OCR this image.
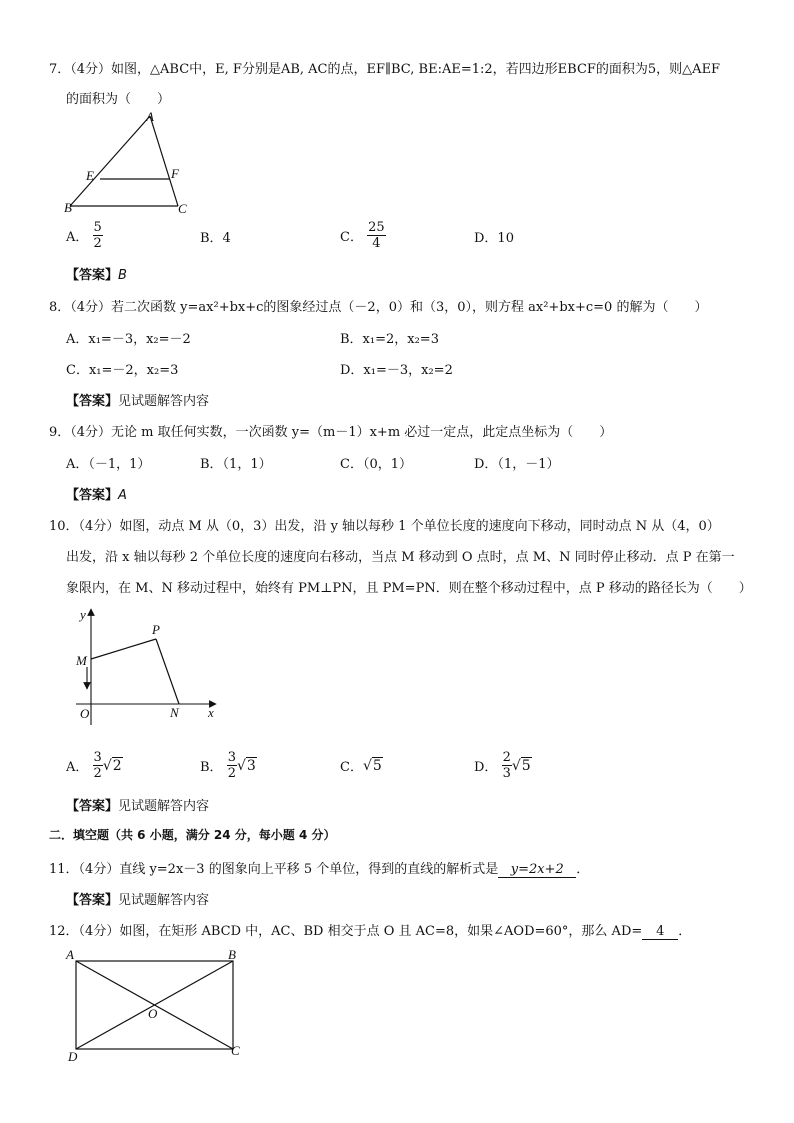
7．（4分）如图，△ABC中，E, F分别是AB, AC的点，EF∥BC, BE:AE=1:2，若四边形EBCF的面积为5，则△AEF
的面积为（　　）
A
E	F
B	C
A． $\frac{5}{2}$	B．4	C． $\frac{25}{4}$	D．10
【答案】B
8．（4分）若二次函数 y=ax²+bx+c的图象经过点（－2，0）和（3，0），则方程 ax²+bx+c=0 的解为（　　）
A．x₁=－3，x₂=－2	B．x₁=2，x₂=3
C．x₁=－2，x₂=3	D．x₁=－3，x₂=2
【答案】见试题解答内容
9．（4分）无论 m 取任何实数，一次函数 y=（m－1）x+m 必过一定点，此定点坐标为（　　）
A．（－1，1）	B．（1，1）	C．（0，1）	D．（1，－1）
【答案】A
10．（4分）如图，动点 M 从（0，3）出发，沿 y 轴以每秒 1 个单位长度的速度向下移动，同时动点 N 从（4，0）
出发，沿 x 轴以每秒 2 个单位长度的速度向右移动，当点 M 移动到 O 点时，点 M、N 同时停止移动．点 P 在第一
象限内，在 M、N 移动过程中，始终有 PM⊥PN，且 PM=PN．则在整个移动过程中，点 P 移动的路径长为（　　）
y
P
M
O	N x
A． $\frac{3}{2} √2$	B． $\frac{3}{2} √3$	C．√5	D． $\frac{2}{3} √5$
【答案】见试题解答内容
二．填空题（共 6 小题，满分 24 分，每小题 4 分）
11．（4分）直线 y=2x－3 的图象向上平移 5 个单位，得到的直线的解析式是 y=2x+2 ．
【答案】见试题解答内容
12．（4分）如图，在矩形 ABCD 中，AC、BD 相交于点 O 且 AC=8，如果∠AOD=60°，那么 AD= 4 ．
A	B
O
D	C
